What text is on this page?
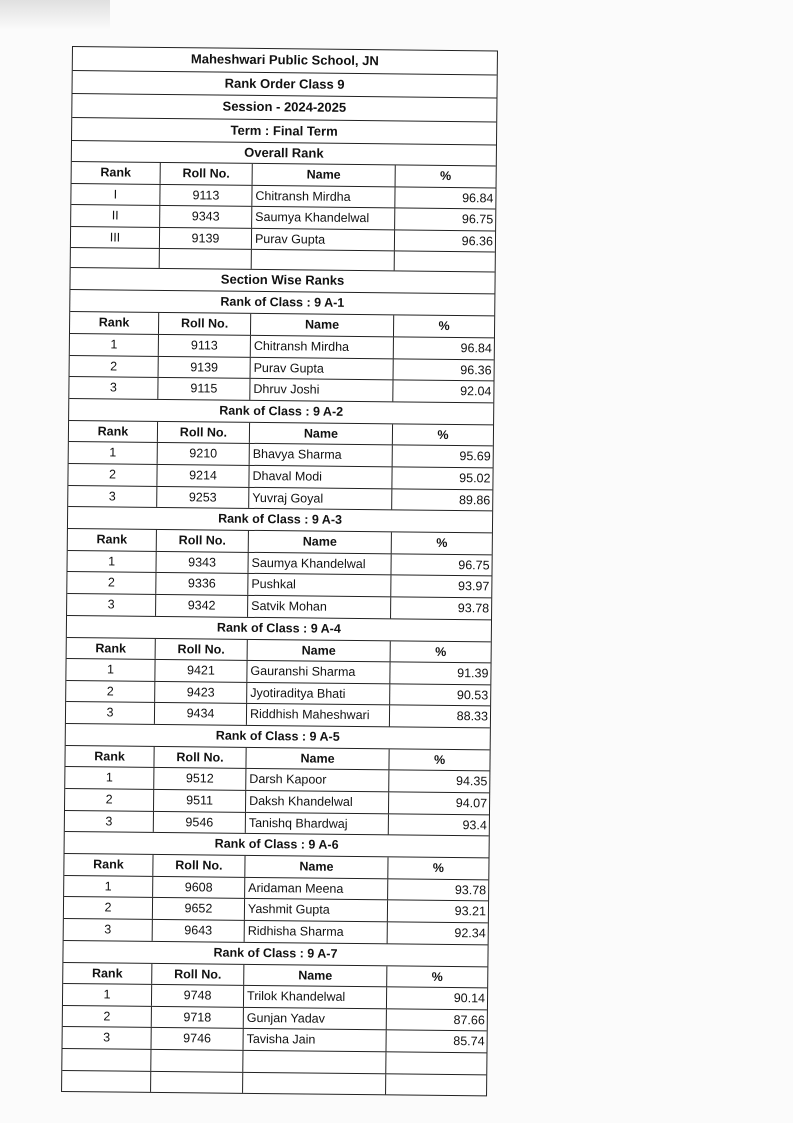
Maheshwari Public School, JN
Rank Order Class 9
Session - 2024-2025
Term : Final Term
Overall Rank
Rank	Roll No.	Name	%
I	9113	Chitransh Mirdha	96.84
II	9343	Saumya Khandelwal	96.75
III	9139	Purav Gupta	96.36
Section Wise Ranks
Rank of Class : 9 A-1
Rank	Roll No.	Name	%
1	9113	Chitransh Mirdha	96.84
2	9139	Purav Gupta	96.36
3	9115	Dhruv Joshi	92.04
Rank of Class : 9 A-2
Rank	Roll No.	Name	%
1	9210	Bhavya Sharma	95.69
2	9214	Dhaval Modi	95.02
3	9253	Yuvraj Goyal	89.86
Rank of Class : 9 A-3
Rank	Roll No.	Name	%
1	9343	Saumya Khandelwal	96.75
2	9336	Pushkal	93.97
3	9342	Satvik Mohan	93.78
Rank of Class : 9 A-4
Rank	Roll No.	Name	%
1	9421	Gauranshi Sharma	91.39
2	9423	Jyotiraditya Bhati	90.53
3	9434	Riddhish Maheshwari	88.33
Rank of Class : 9 A-5
Rank	Roll No.	Name	%
1	9512	Darsh Kapoor	94.35
2	9511	Daksh Khandelwal	94.07
3	9546	Tanishq Bhardwaj	93.4
Rank of Class : 9 A-6
Rank	Roll No.	Name	%
1	9608	Aridaman Meena	93.78
2	9652	Yashmit Gupta	93.21
3	9643	Ridhisha Sharma	92.34
Rank of Class : 9 A-7
Rank	Roll No.	Name	%
1	9748	Trilok Khandelwal	90.14
2	9718	Gunjan Yadav	87.66
3	9746	Tavisha Jain	85.74
